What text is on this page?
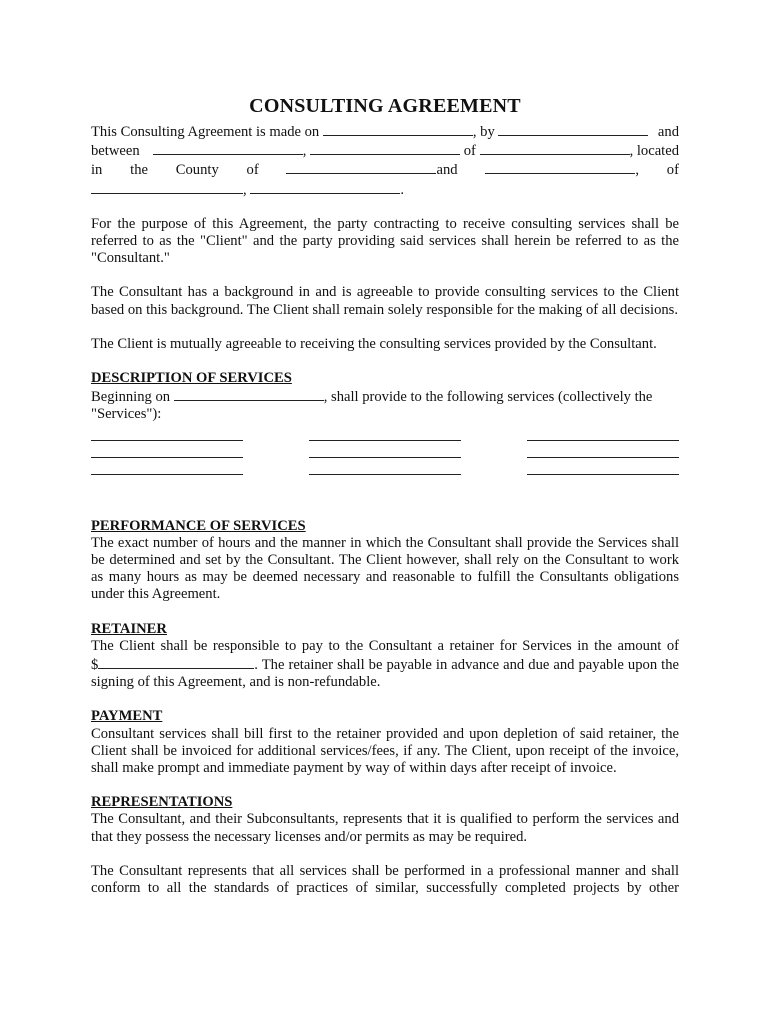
CONSULTING AGREEMENT
This Consulting Agreement is made on
	, by
	and
between	,

	of
	, located
in the County of	and	, of
,
	.

For the purpose of this Agreement, the party contracting to receive consulting services shall be referred to as the "Client" and the party providing said services shall herein be referred to as the "Consultant."

The Consultant has a background in and is agreeable to provide consulting services to the Client based on this background. The Client shall remain solely responsible for the making of all decisions.

The Client is mutually agreeable to receiving the consulting services provided by the Consultant.

DESCRIPTION OF SERVICES
Beginning on
	, shall provide to the following services (collectively the
"Services"):
PERFORMANCE OF SERVICES

The exact number of hours and the manner in which the Consultant shall provide the Services shall be determined and set by the Consultant. The Client however, shall rely on the Consultant to work as many hours as may be deemed necessary and reasonable to fulfill the Consultants obligations under this Agreement.

RETAINER
The Client shall be responsible to pay to the Consultant a retainer for Services in the amount of
$	. The retainer shall be payable in advance and due and payable upon the
signing of this Agreement, and is non-refundable.
PAYMENT

Consultant services shall bill first to the retainer provided and upon depletion of said retainer, the Client shall be invoiced for additional services/fees, if any. The Client, upon receipt of the invoice, shall make prompt and immediate payment by way of within days after receipt of invoice.

REPRESENTATIONS

The Consultant, and their Subconsultants, represents that it is qualified to perform the services and that they possess the necessary licenses and/or permits as may be required.

The Consultant represents that all services shall be performed in a professional manner and shall conform to all the standards of practices of similar, successfully completed projects by other
